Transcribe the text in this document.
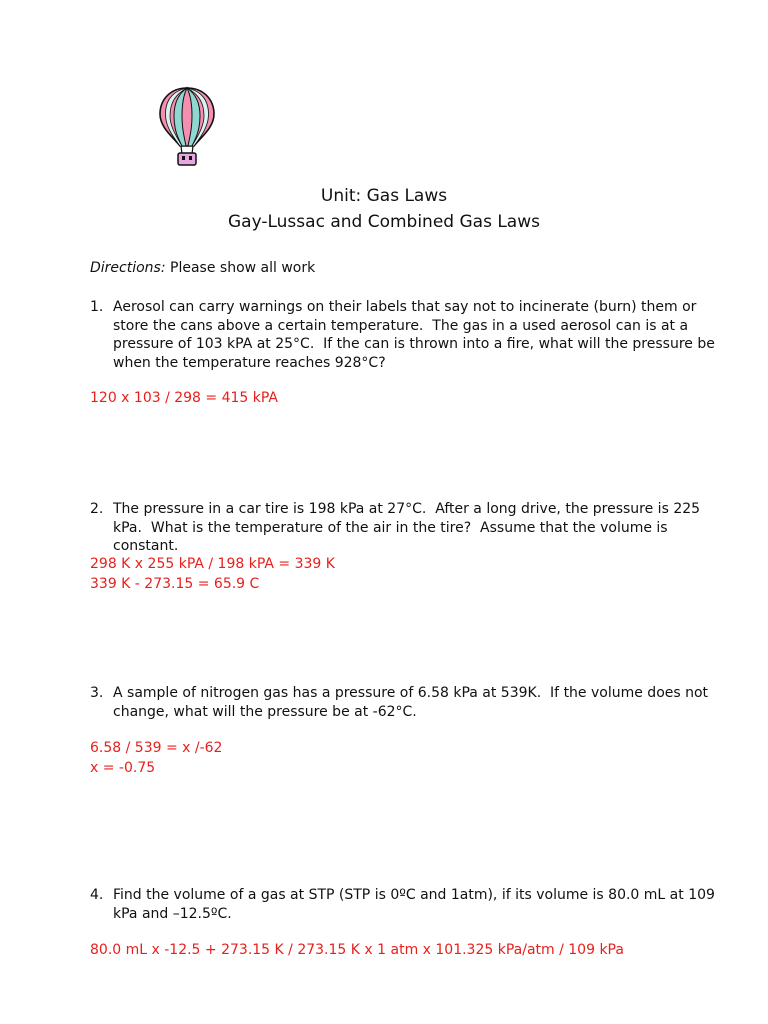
Unit: Gas Laws
Gay-Lussac and Combined Gas Laws
Directions: Please show all work
1. Aerosol can carry warnings on their labels that say not to incinerate (burn) them or store the cans above a certain temperature.  The gas in a used aerosol can is at a pressure of 103 kPA at 25°C.  If the can is thrown into a fire, what will the pressure be when the temperature reaches 928°C?
120 x 103 / 298 = 415 kPA
2. The pressure in a car tire is 198 kPa at 27°C.  After a long drive, the pressure is 225 kPa.  What is the temperature of the air in the tire?  Assume that the volume is constant.
298 K x 255 kPA / 198 kPA = 339 K
339 K - 273.15 = 65.9 C
3. A sample of nitrogen gas has a pressure of 6.58 kPa at 539K.  If the volume does not change, what will the pressure be at -62°C.
6.58 / 539 = x /-62
x = -0.75
4. Find the volume of a gas at STP (STP is 0ºC and 1atm), if its volume is 80.0 mL at 109 kPa and –12.5ºC.
80.0 mL x -12.5 + 273.15 K / 273.15 K x 1 atm x 101.325 kPa/atm / 109 kPa
